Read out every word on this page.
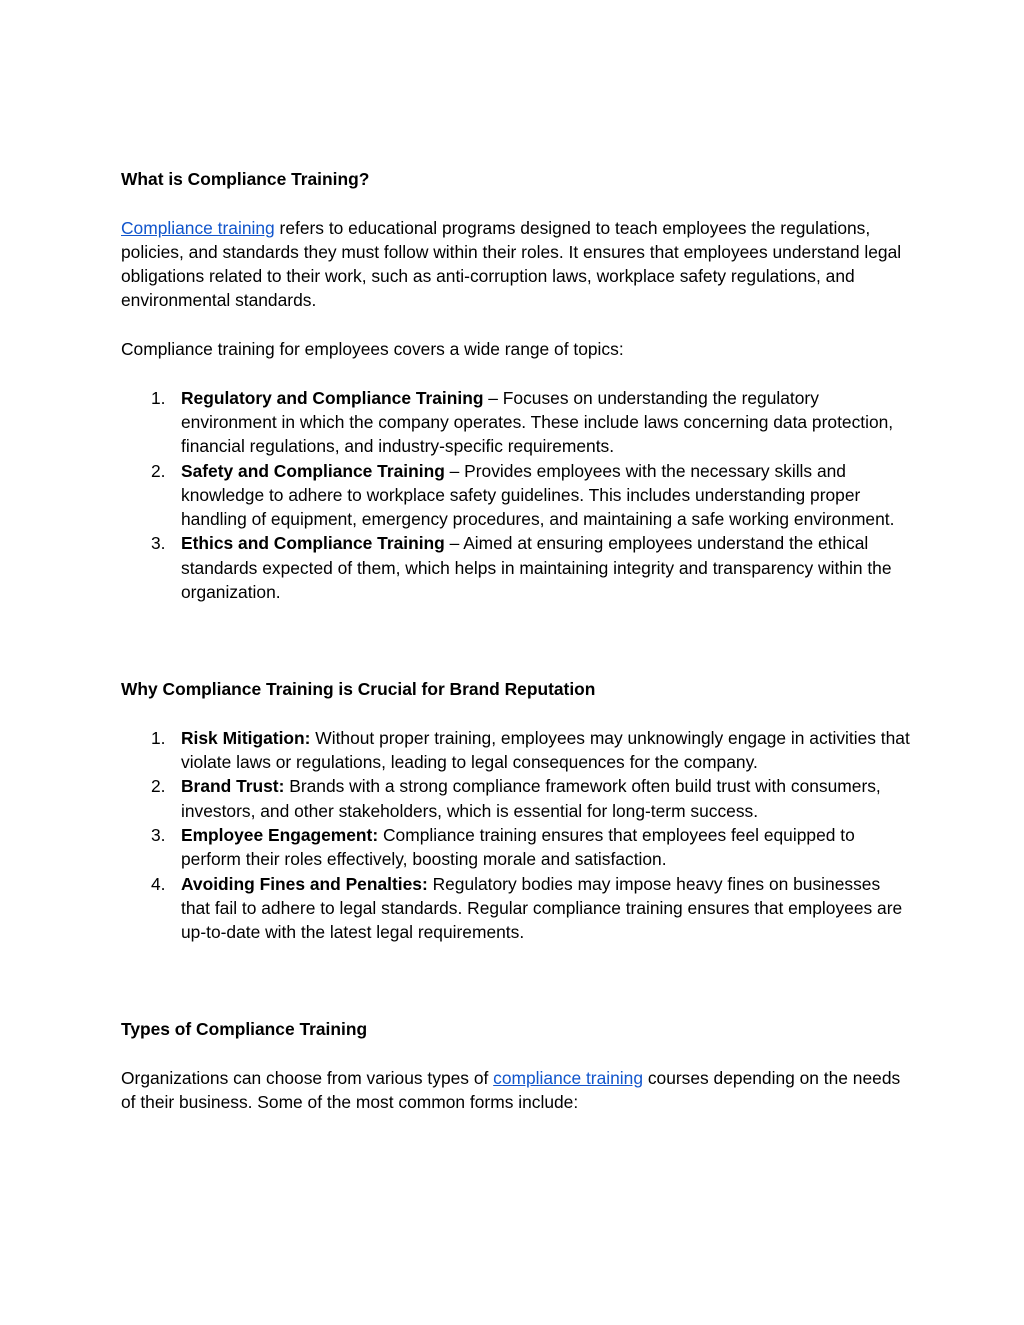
What is Compliance Training?

Compliance training refers to educational programs designed to teach employees the regulations, policies, and standards they must follow within their roles. It ensures that employees understand legal obligations related to their work, such as anti-corruption laws, workplace safety regulations, and environmental standards.

Compliance training for employees covers a wide range of topics:

1. Regulatory and Compliance Training – Focuses on understanding the regulatory environment in which the company operates. These include laws concerning data protection, financial regulations, and industry-specific requirements.
2. Safety and Compliance Training – Provides employees with the necessary skills and knowledge to adhere to workplace safety guidelines. This includes understanding proper handling of equipment, emergency procedures, and maintaining a safe working environment.
3. Ethics and Compliance Training – Aimed at ensuring employees understand the ethical standards expected of them, which helps in maintaining integrity and transparency within the organization.
Why Compliance Training is Crucial for Brand Reputation
1. Risk Mitigation: Without proper training, employees may unknowingly engage in activities that violate laws or regulations, leading to legal consequences for the company.
2. Brand Trust: Brands with a strong compliance framework often build trust with consumers, investors, and other stakeholders, which is essential for long-term success.
3. Employee Engagement: Compliance training ensures that employees feel equipped to perform their roles effectively, boosting morale and satisfaction.
4. Avoiding Fines and Penalties: Regulatory bodies may impose heavy fines on businesses that fail to adhere to legal standards. Regular compliance training ensures that employees are up-to-date with the latest legal requirements.
Types of Compliance Training

Organizations can choose from various types of compliance training courses depending on the needs of their business. Some of the most common forms include:
